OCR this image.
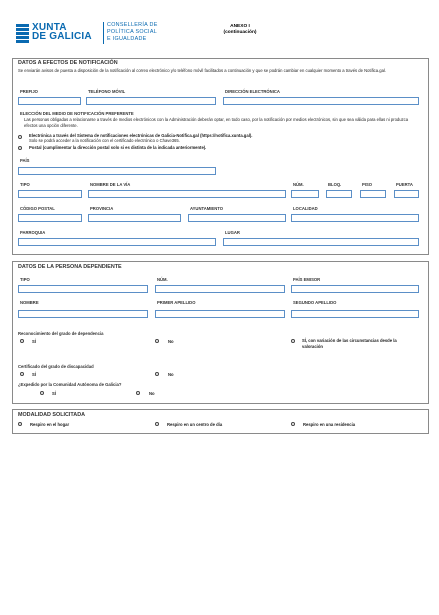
XUNTA
DE GALICIA
CONSELLERÍA DE
POLÍTICA SOCIAL
E IGUALDADE
ANEXO I
(continuación)
DATOS A EFECTOS DE NOTIFICACIÓN
Se enviarán avisos de puesta a disposición de la notificación al correo electrónico y/o teléfono móvil facilitados a continuación y que se podrán cambiar en cualquier momento a través de Notifica.gal.
PREFIJO	TELÉFONO MÓVIL	DIRECCIÓN ELECTRÓNICA
ELECCIÓN DEL MEDIO DE NOTIFICACIÓN PREFERENTE
Las personas obligadas a relacionarse a través de medios electrónicos con la Administración deberán optar, en todo caso, por la notificación por medios electrónicos, sin que sea válida para ellas ni produzca efectos una opción diferente.
Electrónica a través del Sistema de notificaciones electrónicas de Galicia-Notifica.gal (https://notifica.xunta.gal).
Solo se podrá acceder a la notificación con el certificado electrónico o Chave365.
Postal (cumplimentar la dirección postal solo si es distinta de la indicada anteriormente).
PAÍS
TIPO	NOMBRE DE LA VÍA	NÚM.	BLOQ.	PISO	PUERTA
CÓDIGO POSTAL	PROVINCIA	AYUNTAMIENTO	LOCALIDAD
PARROQUIA	LUGAR
DATOS DE LA PERSONA DEPENDIENTE
TIPO	NÚM.	PAÍS EMISOR
NOMBRE	PRIMER APELLIDO	SEGUNDO APELLIDO
Reconocimiento del grado de dependencia
SÍ	No	SÍ, con variación de las circunstancias desde la valoración
Certificado del grado de discapacidad
SÍ	No
¿Expedido por la Comunidad Autónoma de Galicia?
SÍ	No
MODALIDAD SOLICITADA
Respiro en el hogar	Respiro en un centro de día	Respiro en una residencia
